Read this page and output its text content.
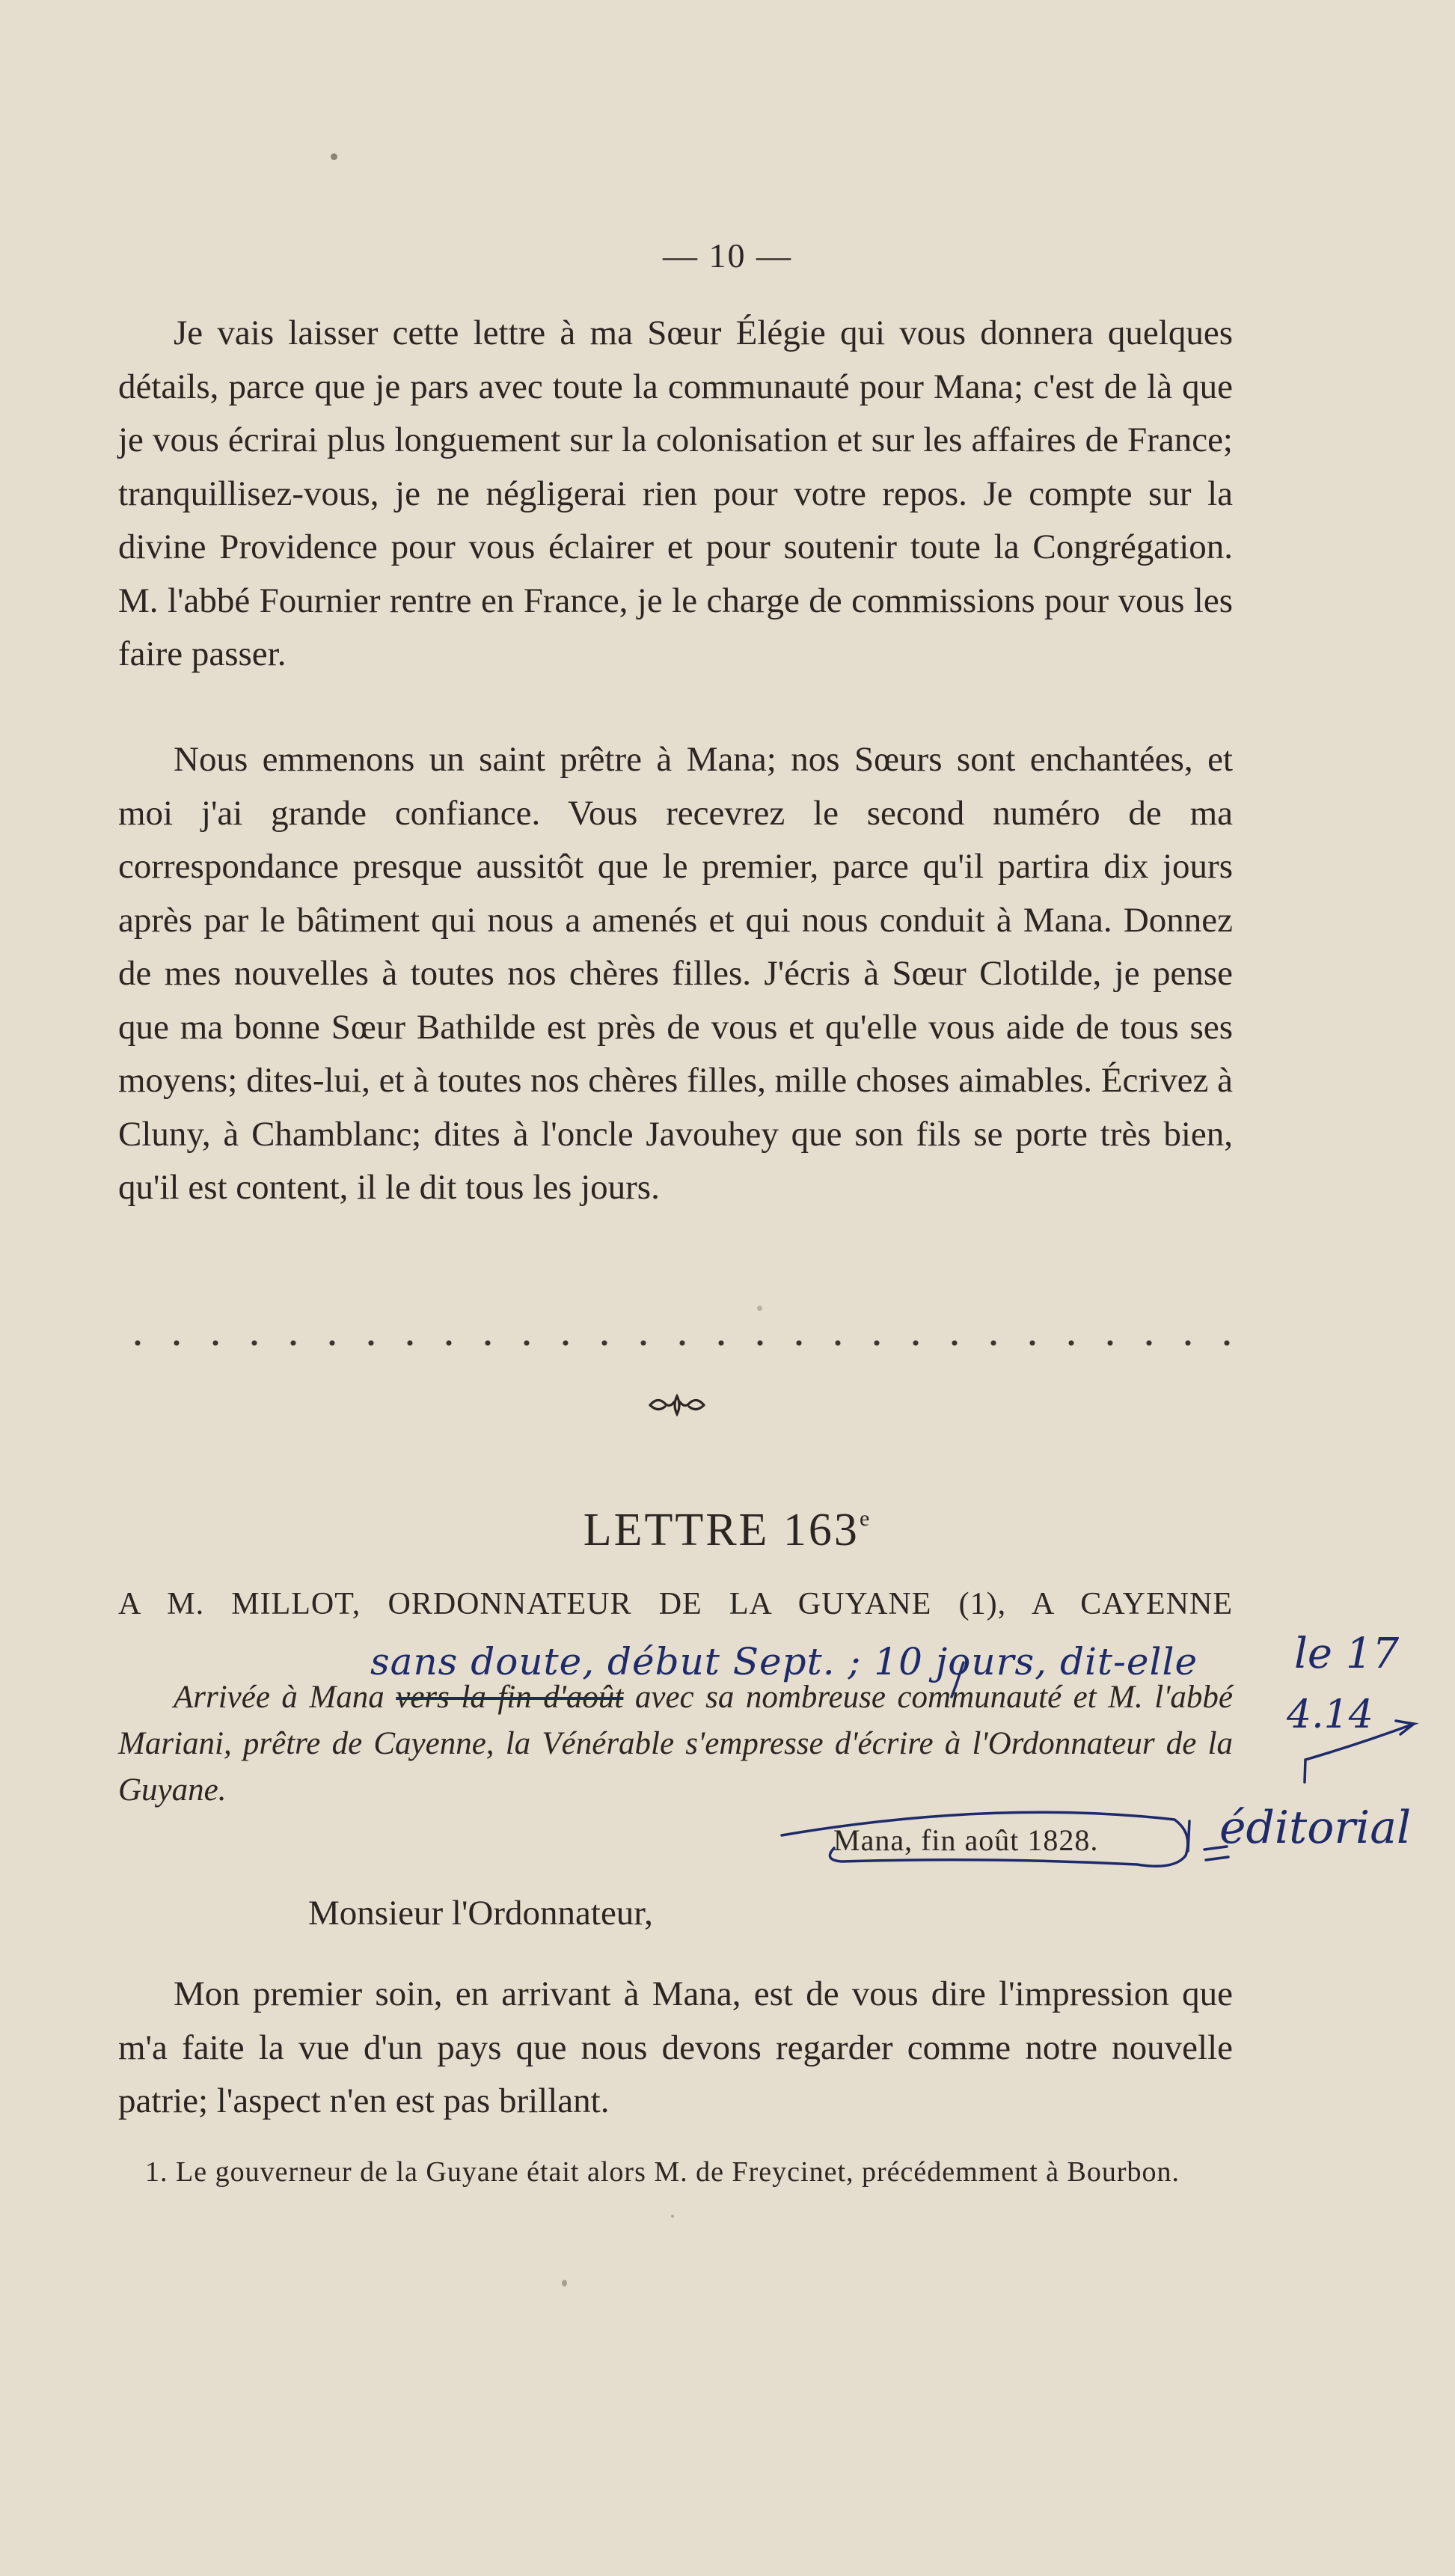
— 10 —

Je vais laisser cette lettre à ma Sœur Élégie qui vous donnera quelques détails, parce que je pars avec toute la communauté pour Mana; c'est de là que je vous écrirai plus longuement sur la colonisation et sur les affaires de France; tranquillisez-vous, je ne négligerai rien pour votre repos. Je compte sur la divine Providence pour vous éclairer et pour soutenir toute la Congrégation. M. l'abbé Fournier rentre en France, je le charge de commissions pour vous les faire passer.

Nous emmenons un saint prêtre à Mana; nos Sœurs sont enchantées, et moi j'ai grande confiance. Vous recevrez le second numéro de ma correspondance presque aussitôt que le premier, parce qu'il partira dix jours après par le bâtiment qui nous a amenés et qui nous conduit à Mana. Donnez de mes nouvelles à toutes nos chères filles. J'écris à Sœur Clotilde, je pense que ma bonne Sœur Bathilde est près de vous et qu'elle vous aide de tous ses moyens; dites-lui, et à toutes nos chères filles, mille choses aimables. Écrivez à Cluny, à Chamblanc; dites à l'oncle Javouhey que son fils se porte très bien, qu'il est content, il le dit tous les jours.

LETTRE 163e
A M. MILLOT, ORDONNATEUR DE LA GUYANE (1), A CAYENNE

Arrivée à Mana vers la fin d'août avec sa nombreuse communauté et M. l'abbé Mariani, prêtre de Cayenne, la Vénérable s'empresse d'écrire à l'Ordonnateur de la Guyane.

sans doute, début Sept. ; 10 jours, dit-elle le 17
4.14
éditorial
Mana, fin août 1828.
Monsieur l'Ordonnateur,

Mon premier soin, en arrivant à Mana, est de vous dire l'impression que m'a faite la vue d'un pays que nous devons regarder comme notre nouvelle patrie; l'aspect n'en est pas brillant.

1. Le gouverneur de la Guyane était alors M. de Freycinet, précédemment à Bourbon.
